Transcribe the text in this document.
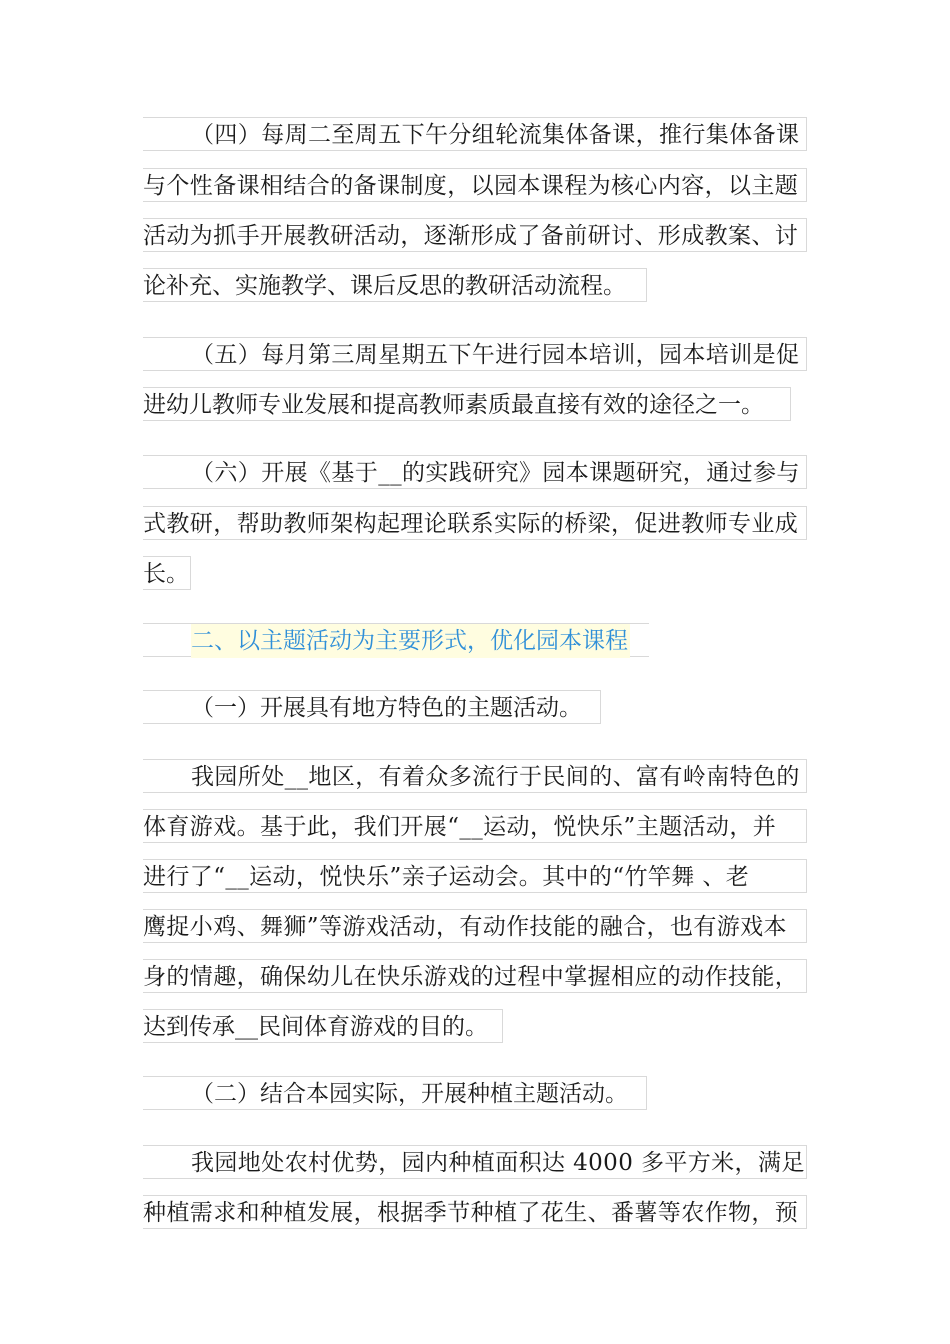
（四）每周二至周五下午分组轮流集体备课，推行集体备课
与个性备课相结合的备课制度，以园本课程为核心内容，以主题
活动为抓手开展教研活动，逐渐形成了备前研讨、形成教案、讨
论补充、实施教学、课后反思的教研活动流程。
（五）每月第三周星期五下午进行园本培训，园本培训是促
进幼儿教师专业发展和提高教师素质最直接有效的途径之一。
（六）开展《基于__的实践研究》园本课题研究，通过参与
式教研，帮助教师架构起理论联系实际的桥梁，促进教师专业成
长。
二、以主题活动为主要形式，优化园本课程
（一）开展具有地方特色的主题活动。
我园所处__地区，有着众多流行于民间的、富有岭南特色的
体育游戏。基于此，我们开展“__运动，悦快乐”主题活动，并
进行了“__运动，悦快乐”亲子运动会。其中的“竹竿舞 、老
鹰捉小鸡、舞狮”等游戏活动，有动作技能的融合，也有游戏本
身的情趣，确保幼儿在快乐游戏的过程中掌握相应的动作技能，
达到传承__民间体育游戏的目的。
（二）结合本园实际，开展种植主题活动。
我园地处农村优势，园内种植面积达 4000 多平方米，满足
种植需求和种植发展，根据季节种植了花生、番薯等农作物，预
